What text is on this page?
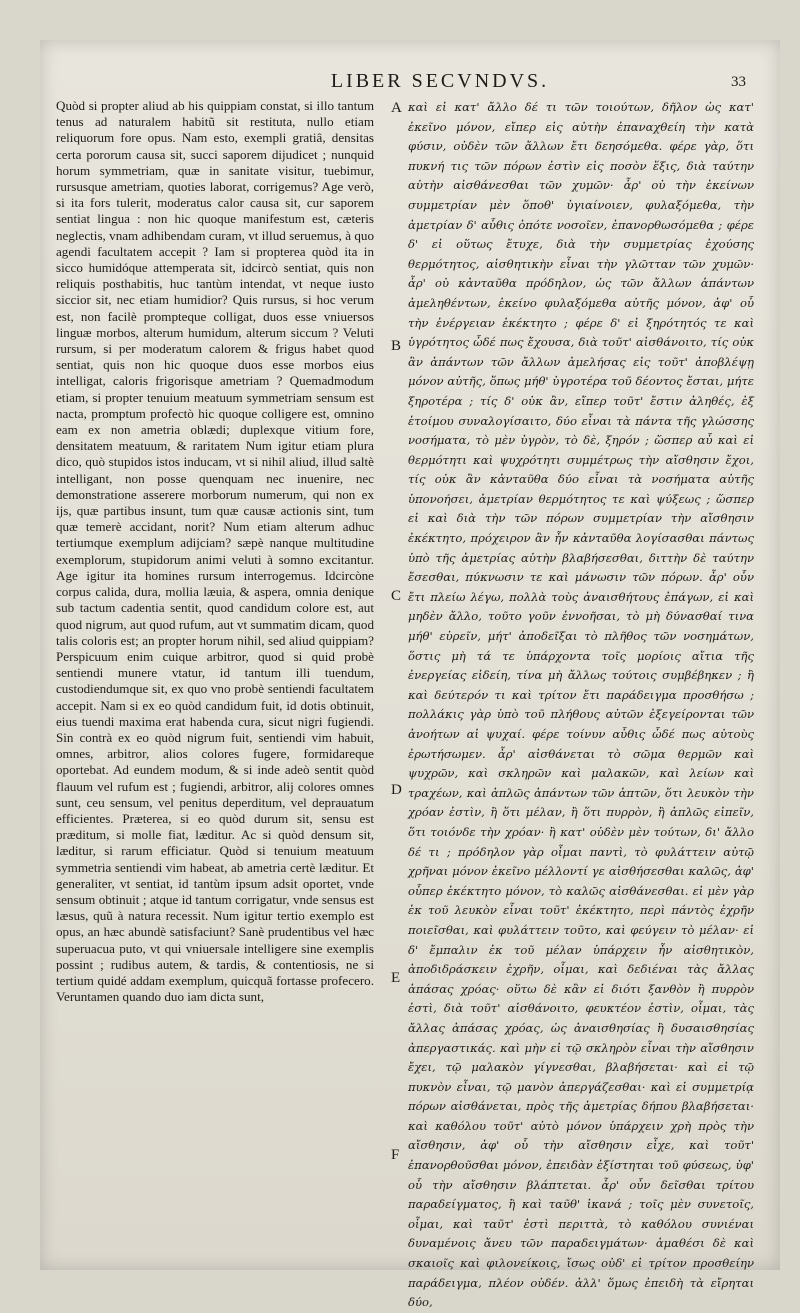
LIBER SECVNDVS.	33

Quòd si propter aliud ab his quippiam constat, si illo tantum tenus ad naturalem habitũ sit restituta, nullo etiam reliquorum fore opus. Nam esto, exempli gratiâ, densitas certa pororum causa sit, succi saporem dijudicet ; nunquid horum symmetriam, quæ in sanitate visitur, tuebimur, rursusque ametriam, quoties laborat, corrigemus? Age verò, si ita fors tulerit, moderatus calor causa sit, cur saporem sentiat lingua : non hic quoque manifestum est, cæteris neglectis, vnam adhibendam curam, vt illud seruemus, à quo agendi facultatem accepit ? Iam si propterea quòd ita in sicco humidóque attemperata sit, idcircò sentiat, quis non reliquis posthabitis, huc tantùm intendat, vt neque iusto siccior sit, nec etiam humidior? Quis rursus, si hoc verum est, non facilè prompteque colligat, duos esse vniuersos linguæ morbos, alterum humidum, alterum siccum ? Veluti rursum, si per moderatum calorem & frigus habet quod sentiat, quis non hic quoque duos esse morbos eius intelligat, caloris frigorisque ametriam ? Quemadmodum etiam, si propter tenuium meatuum symmetriam sensum est nacta, promptum profectò hic quoque colligere est, omnino eam ex non ametria oblædi; duplexque vitium fore, densitatem meatuum, & raritatem Num igitur etiam plura dico, quò stupidos istos inducam, vt si nihil aliud, illud saltè intelligant, non posse quenquam nec inuenire, nec demonstratione asserere morborum numerum, qui non ex ijs, quæ partibus insunt, tum quæ causæ actionis sint, tum quæ temerè accidant, norit? Num etiam alterum adhuc tertiumque exemplum adijciam? sæpè nanque multitudine exemplorum, stupidorum animi veluti à somno excitantur. Age igitur ita homines rursum interrogemus. Idcircòne corpus calida, dura, mollia læuia, & aspera, omnia denique sub tactum cadentia sentit, quod candidum colore est, aut quod nigrum, aut quod rufum, aut vt summatim dicam, quod talis coloris est; an propter horum nihil, sed aliud quippiam? Perspicuum enim cuique arbitror, quod si quid probè sentiendi munere vtatur, id tantum illi tuendum, custodiendumque sit, ex quo vno probè sentiendi facultatem accepit. Nam si ex eo quòd candidum fuit, id dotis obtinuit, eius tuendi maxima erat habenda cura, sicut nigri fugiendi. Sin contrà ex eo quòd nigrum fuit, sentiendi vim habuit, omnes, arbitror, alios colores fugere, formidareque oportebat. Ad eundem modum, & si inde adeò sentit quòd flauum vel rufum est ; fugiendi, arbitror, alij colores omnes sunt, ceu sensum, vel penitus deperditum, vel deprauatum efficientes. Præterea, si eo quòd durum sit, sensu est præditum, si molle fiat, læditur. Ac si quòd densum sit, læditur, si rarum efficiatur. Quòd si tenuium meatuum symmetria sentiendi vim habeat, ab ametria certè læditur. Et generaliter, vt sentiat, id tantùm ipsum adsit oportet, vnde sensum obtinuit ; atque id tantum corrigatur, vnde sensus est læsus, quũ à natura recessit. Num igitur tertio exemplo est opus, an hæc abundè satisfaciunt? Sanè prudentibus vel hæc superuacua puto, vt qui vniuersale intelligere sine exemplis possint ; rudibus autem, & tardis, & contentiosis, ne si tertium quidé addam exemplum, quicquã fortasse profecero. Veruntamen quando duo iam dicta sunt,

A
B
C
D
E
F

καὶ εἰ κατ' ἄλλο δέ τι τῶν τοιούτων, δῆλον ὡς κατ' ἐκεῖνο μόνον, εἴπερ εἰς αὐτὴν ἐπαναχθείη τὴν κατὰ φύσιν, οὐδὲν τῶν ἄλλων ἔτι δεησόμεθα. φέρε γὰρ, ὅτι πυκνή τις τῶν πόρων ἐστὶν εἰς ποσὸν ἕξις, διὰ ταύτην αὐτὴν αἰσθάνεσθαι τῶν χυμῶν· ἆρ' οὐ τὴν ἐκείνων συμμετρίαν μὲν ὅποθ' ὑγιαίνοιεν, φυλαξόμεθα, τὴν ἀμετρίαν δ' αὖθις ὁπότε νοσοῖεν, ἐπανορθωσόμεθα ; φέρε δ' εἰ οὕτως ἔτυχε, διὰ τὴν συμμετρίας ἐχούσης θερμότητος, αἰσθητικὴν εἶναι τὴν γλῶτταν τῶν χυμῶν· ἆρ' οὐ κἀνταῦθα πρόδηλον, ὡς τῶν ἄλλων ἁπάντων ἀμεληθέντων, ἐκείνο φυλαξόμεθα αὐτῆς μόνον, ἀφ' οὗ τὴν ἐνέργειαν ἐκέκτητο ; φέρε δ' εἰ ξηρότητός τε καὶ ὑγρότητος ὧδέ πως ἔχουσα, διὰ τοῦτ' αἰσθάνοιτο, τίς οὐκ ἂν ἁπάντων τῶν ἄλλων ἀμελήσας εἰς τοῦτ' ἀποβλέψῃ μόνον αὐτῆς, ὅπως μήθ' ὑγροτέρα τοῦ δέοντος ἔσται, μήτε ξηροτέρα ; τίς δ' οὐκ ἂν, εἴπερ τοῦτ' ἔστιν ἀληθές, ἐξ ἑτοίμου συναλογίσαιτο, δύο εἶναι τὰ πάντα τῆς γλώσσης νοσήματα, τὸ μὲν ὑγρὸν, τὸ δὲ, ξηρόν ; ὥσπερ αὖ καὶ εἰ θερμότητι καὶ ψυχρότητι συμμέτρως τὴν αἴσθησιν ἔχοι, τίς οὐκ ἂν κἀνταῦθα δύο εἶναι τὰ νοσήματα αὐτῆς ὑπονοήσει, ἀμετρίαν θερμότητος τε καὶ ψύξεως ; ὥσπερ εἰ καὶ διὰ τὴν τῶν πόρων συμμετρίαν τὴν αἴσθησιν ἐκέκτητο, πρόχειρον ἂν ἦν κἀνταῦθα λογίσασθαι πάντως ὑπὸ τῆς ἀμετρίας αὐτὴν βλαβήσεσθαι, διττὴν δὲ ταύτην ἔσεσθαι, πύκνωσιν τε καὶ μάνωσιν τῶν πόρων. ἆρ' οὖν ἔτι πλείω λέγω, πολλὰ τοὺς ἀναισθήτους ἐπάγων, εἰ καὶ μηδὲν ἄλλο, τοῦτο γοῦν ἐννοῆσαι, τὸ μὴ δύνασθαί τινα μήθ' εὑρεῖν, μήτ' ἀποδεῖξαι τὸ πλῆθος τῶν νοσημάτων, ὅστις μὴ τά τε ὑπάρχοντα τοῖς μορίοις αἴτια τῆς ἐνεργείας εἰδείη, τίνα μὴ ἄλλως τούτοις συμβέβηκεν ; ἢ καὶ δεύτερόν τι καὶ τρίτον ἔτι παράδειγμα προσθήσω ; πολλάκις γὰρ ὑπὸ τοῦ πλήθους αὐτῶν ἐξεγείρονται τῶν ἀνοήτων αἱ ψυχαί. φέρε τοίνυν αὖθις ὧδέ πως αὐτοὺς ἐρωτήσωμεν. ἆρ' αἰσθάνεται τὸ σῶμα θερμῶν καὶ ψυχρῶν, καὶ σκληρῶν καὶ μαλακῶν, καὶ λείων καὶ τραχέων, καὶ ἁπλῶς ἁπάντων τῶν ἁπτῶν, ὅτι λευκὸν τὴν χρόαν ἐστὶν, ἢ ὅτι μέλαν, ἢ ὅτι πυρρὸν, ἢ ἁπλῶς εἰπεῖν, ὅτι τοιόνδε τὴν χρόαν· ἢ κατ' οὐδὲν μὲν τούτων, δι' ἄλλο δέ τι ; πρόδηλον γὰρ οἶμαι παντὶ, τὸ φυλάττειν αὐτῷ χρῆναι μόνον ἐκεῖνο μέλλοντί γε αἰσθήσεσθαι καλῶς, ἀφ' οὗπερ ἐκέκτητο μόνον, τὸ καλῶς αἰσθάνεσθαι. εἰ μὲν γὰρ ἐκ τοῦ λευκὸν εἶναι τοῦτ' ἐκέκτητο, περὶ πάντὸς ἐχρῆν ποιεῖσθαι, καὶ φυλάττειν τοῦτο, καὶ φεύγειν τὸ μέλαν· εἰ δ' ἔμπαλιν ἐκ τοῦ μέλαν ὑπάρχειν ἦν αἰσθητικὸν, ἀποδιδράσκειν ἐχρῆν, οἶμαι, καὶ δεδιέναι τὰς ἄλλας ἁπάσας χρόας· οὕτω δὲ κἂν εἰ διότι ξανθὸν ἢ πυρρὸν ἐστὶ, διὰ τοῦτ' αἰσθάνοιτο, φευκτέον ἐστὶν, οἶμαι, τὰς ἄλλας ἁπάσας χρόας, ὡς ἀναισθησίας ἢ δυσαισθησίας ἀπεργαστικάς. καὶ μὴν εἰ τῷ σκληρὸν εἶναι τὴν αἴσθησιν ἔχει, τῷ μαλακὸν γίγνεσθαι, βλαβήσεται· καὶ εἰ τῷ πυκνὸν εἶναι, τῷ μανὸν ἀπεργάζεσθαι· καὶ εἰ συμμετρίᾳ πόρων αἰσθάνεται, πρὸς τῆς ἀμετρίας δήπου βλαβήσεται· καὶ καθόλου τοῦτ' αὐτὸ μόνον ὑπάρχειν χρὴ πρὸς τὴν αἴσθησιν, ἀφ' οὗ τὴν αἴσθησιν εἶχε, καὶ τοῦτ' ἐπανορθοῦσθαι μόνον, ἐπειδὰν ἐξίστηται τοῦ φύσεως, ὑφ' οὗ τὴν αἴσθησιν βλάπτεται. ἆρ' οὖν δεῖσθαι τρίτου παραδείγματος, ἢ καὶ ταῦθ' ἱκανά ; τοῖς μὲν συνετοῖς, οἶμαι, καὶ ταῦτ' ἐστὶ περιττὰ, τὸ καθόλου συνιέναι δυναμένοις ἄνευ τῶν παραδειγμάτων· ἀμαθέσι δὲ καὶ σκαιοῖς καὶ φιλονείκοις, ἴσως οὐδ' εἰ τρίτον προσθείην παράδειγμα, πλέον οὐδέν. ἀλλ' ὅμως ἐπειδὴ τὰ εἴρηται δύο,
